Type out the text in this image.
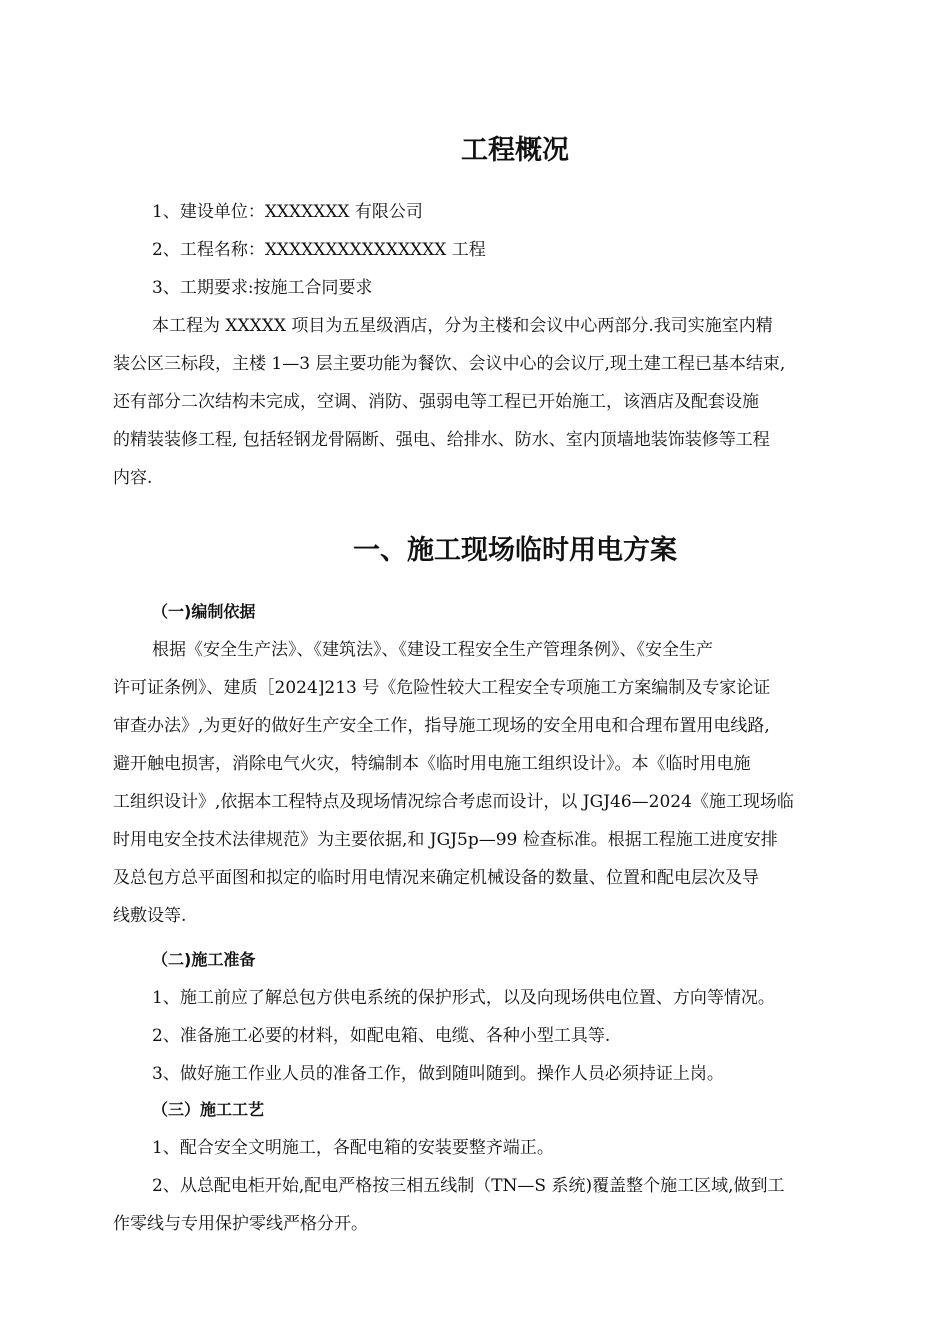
工程概况
1、建设单位：XXXXXXX 有限公司
2、工程名称：XXXXXXXXXXXXXXX 工程
3、工期要求:按施工合同要求
本工程为 XXXXX 项目为五星级酒店，分为主楼和会议中心两部分.我司实施室内精
装公区三标段，主楼 1—3 层主要功能为餐饮、会议中心的会议厅,现土建工程已基本结束,
还有部分二次结构未完成，空调、消防、强弱电等工程已开始施工，该酒店及配套设施
的精装装修工程, 包括轻钢龙骨隔断、强电、给排水、防水、室内顶墙地装饰装修等工程
内容.
一、施工现场临时用电方案
（一)编制依据
根据《安全生产法》、《建筑法》、《建设工程安全生产管理条例》、《安全生产
许可证条例》、建质［2024]213 号《危险性较大工程安全专项施工方案编制及专家论证
审查办法》,为更好的做好生产安全工作，指导施工现场的安全用电和合理布置用电线路,
避开触电损害，消除电气火灾，特编制本《临时用电施工组织设计》。本《临时用电施
工组织设计》,依据本工程特点及现场情况综合考虑而设计，以 JGJ46—2024《施工现场临
时用电安全技术法律规范》为主要依据,和 JGJ5p—99 检查标准。根据工程施工进度安排
及总包方总平面图和拟定的临时用电情况来确定机械设备的数量、位置和配电层次及导
线敷设等.
（二)施工准备
1、施工前应了解总包方供电系统的保护形式，以及向现场供电位置、方向等情况。
2、准备施工必要的材料，如配电箱、电缆、各种小型工具等.
3、做好施工作业人员的准备工作，做到随叫随到。操作人员必须持证上岗。
（三）施工工艺
1、配合安全文明施工，各配电箱的安装要整齐端正。
2、从总配电柜开始,配电严格按三相五线制（TN—S 系统)覆盖整个施工区域,做到工
作零线与专用保护零线严格分开。
